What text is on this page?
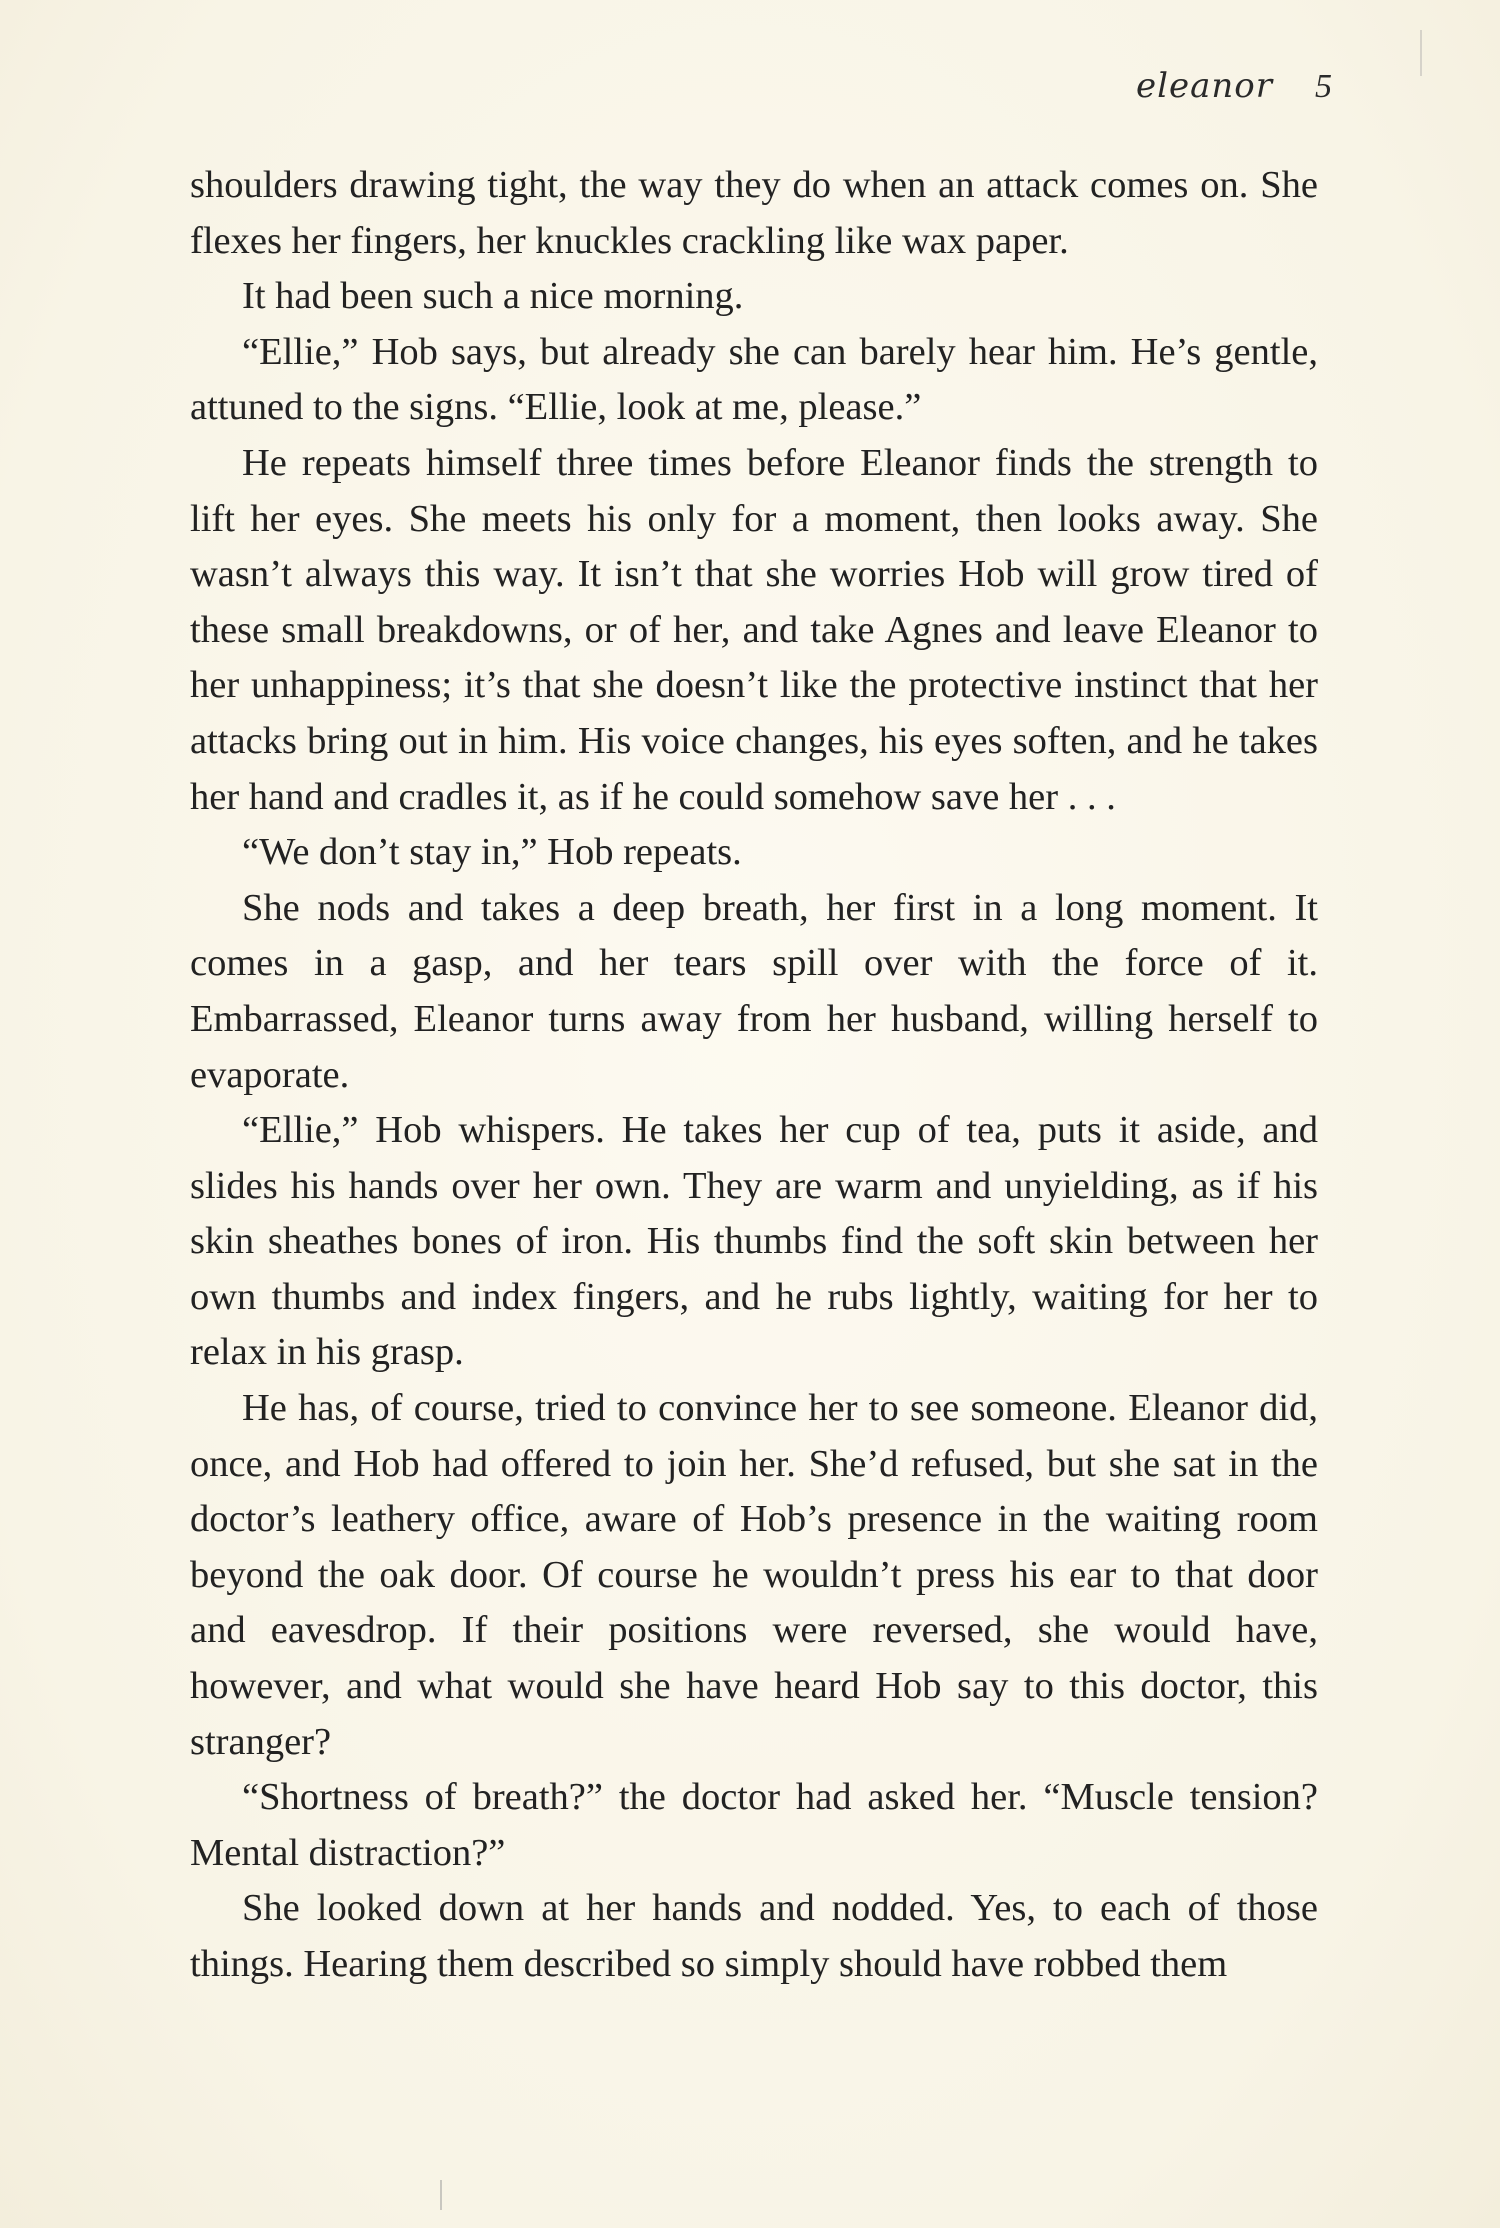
eleanor 5

shoulders drawing tight, the way they do when an attack comes on. She flexes her fingers, her knuckles crackling like wax paper.

It had been such a nice morning.

“Ellie,” Hob says, but already she can barely hear him. He’s gentle, attuned to the signs. “Ellie, look at me, please.”

He repeats himself three times before Eleanor finds the strength to lift her eyes. She meets his only for a moment, then looks away. She wasn’t always this way. It isn’t that she worries Hob will grow tired of these small breakdowns, or of her, and take Agnes and leave Eleanor to her unhappiness; it’s that she doesn’t like the protective instinct that her attacks bring out in him. His voice changes, his eyes soften, and he takes her hand and cradles it, as if he could somehow save her . . .

“We don’t stay in,” Hob repeats.

She nods and takes a deep breath, her first in a long moment. It comes in a gasp, and her tears spill over with the force of it. Embarrassed, Eleanor turns away from her husband, willing herself to evaporate.

“Ellie,” Hob whispers. He takes her cup of tea, puts it aside, and slides his hands over her own. They are warm and unyielding, as if his skin sheathes bones of iron. His thumbs find the soft skin between her own thumbs and index fingers, and he rubs lightly, waiting for her to relax in his grasp.

He has, of course, tried to convince her to see someone. Eleanor did, once, and Hob had offered to join her. She’d refused, but she sat in the doctor’s leathery office, aware of Hob’s presence in the waiting room beyond the oak door. Of course he wouldn’t press his ear to that door and eavesdrop. If their positions were reversed, she would have, however, and what would she have heard Hob say to this doctor, this stranger?

“Shortness of breath?” the doctor had asked her. “Muscle tension? Mental distraction?”

She looked down at her hands and nodded. Yes, to each of those things. Hearing them described so simply should have robbed them
